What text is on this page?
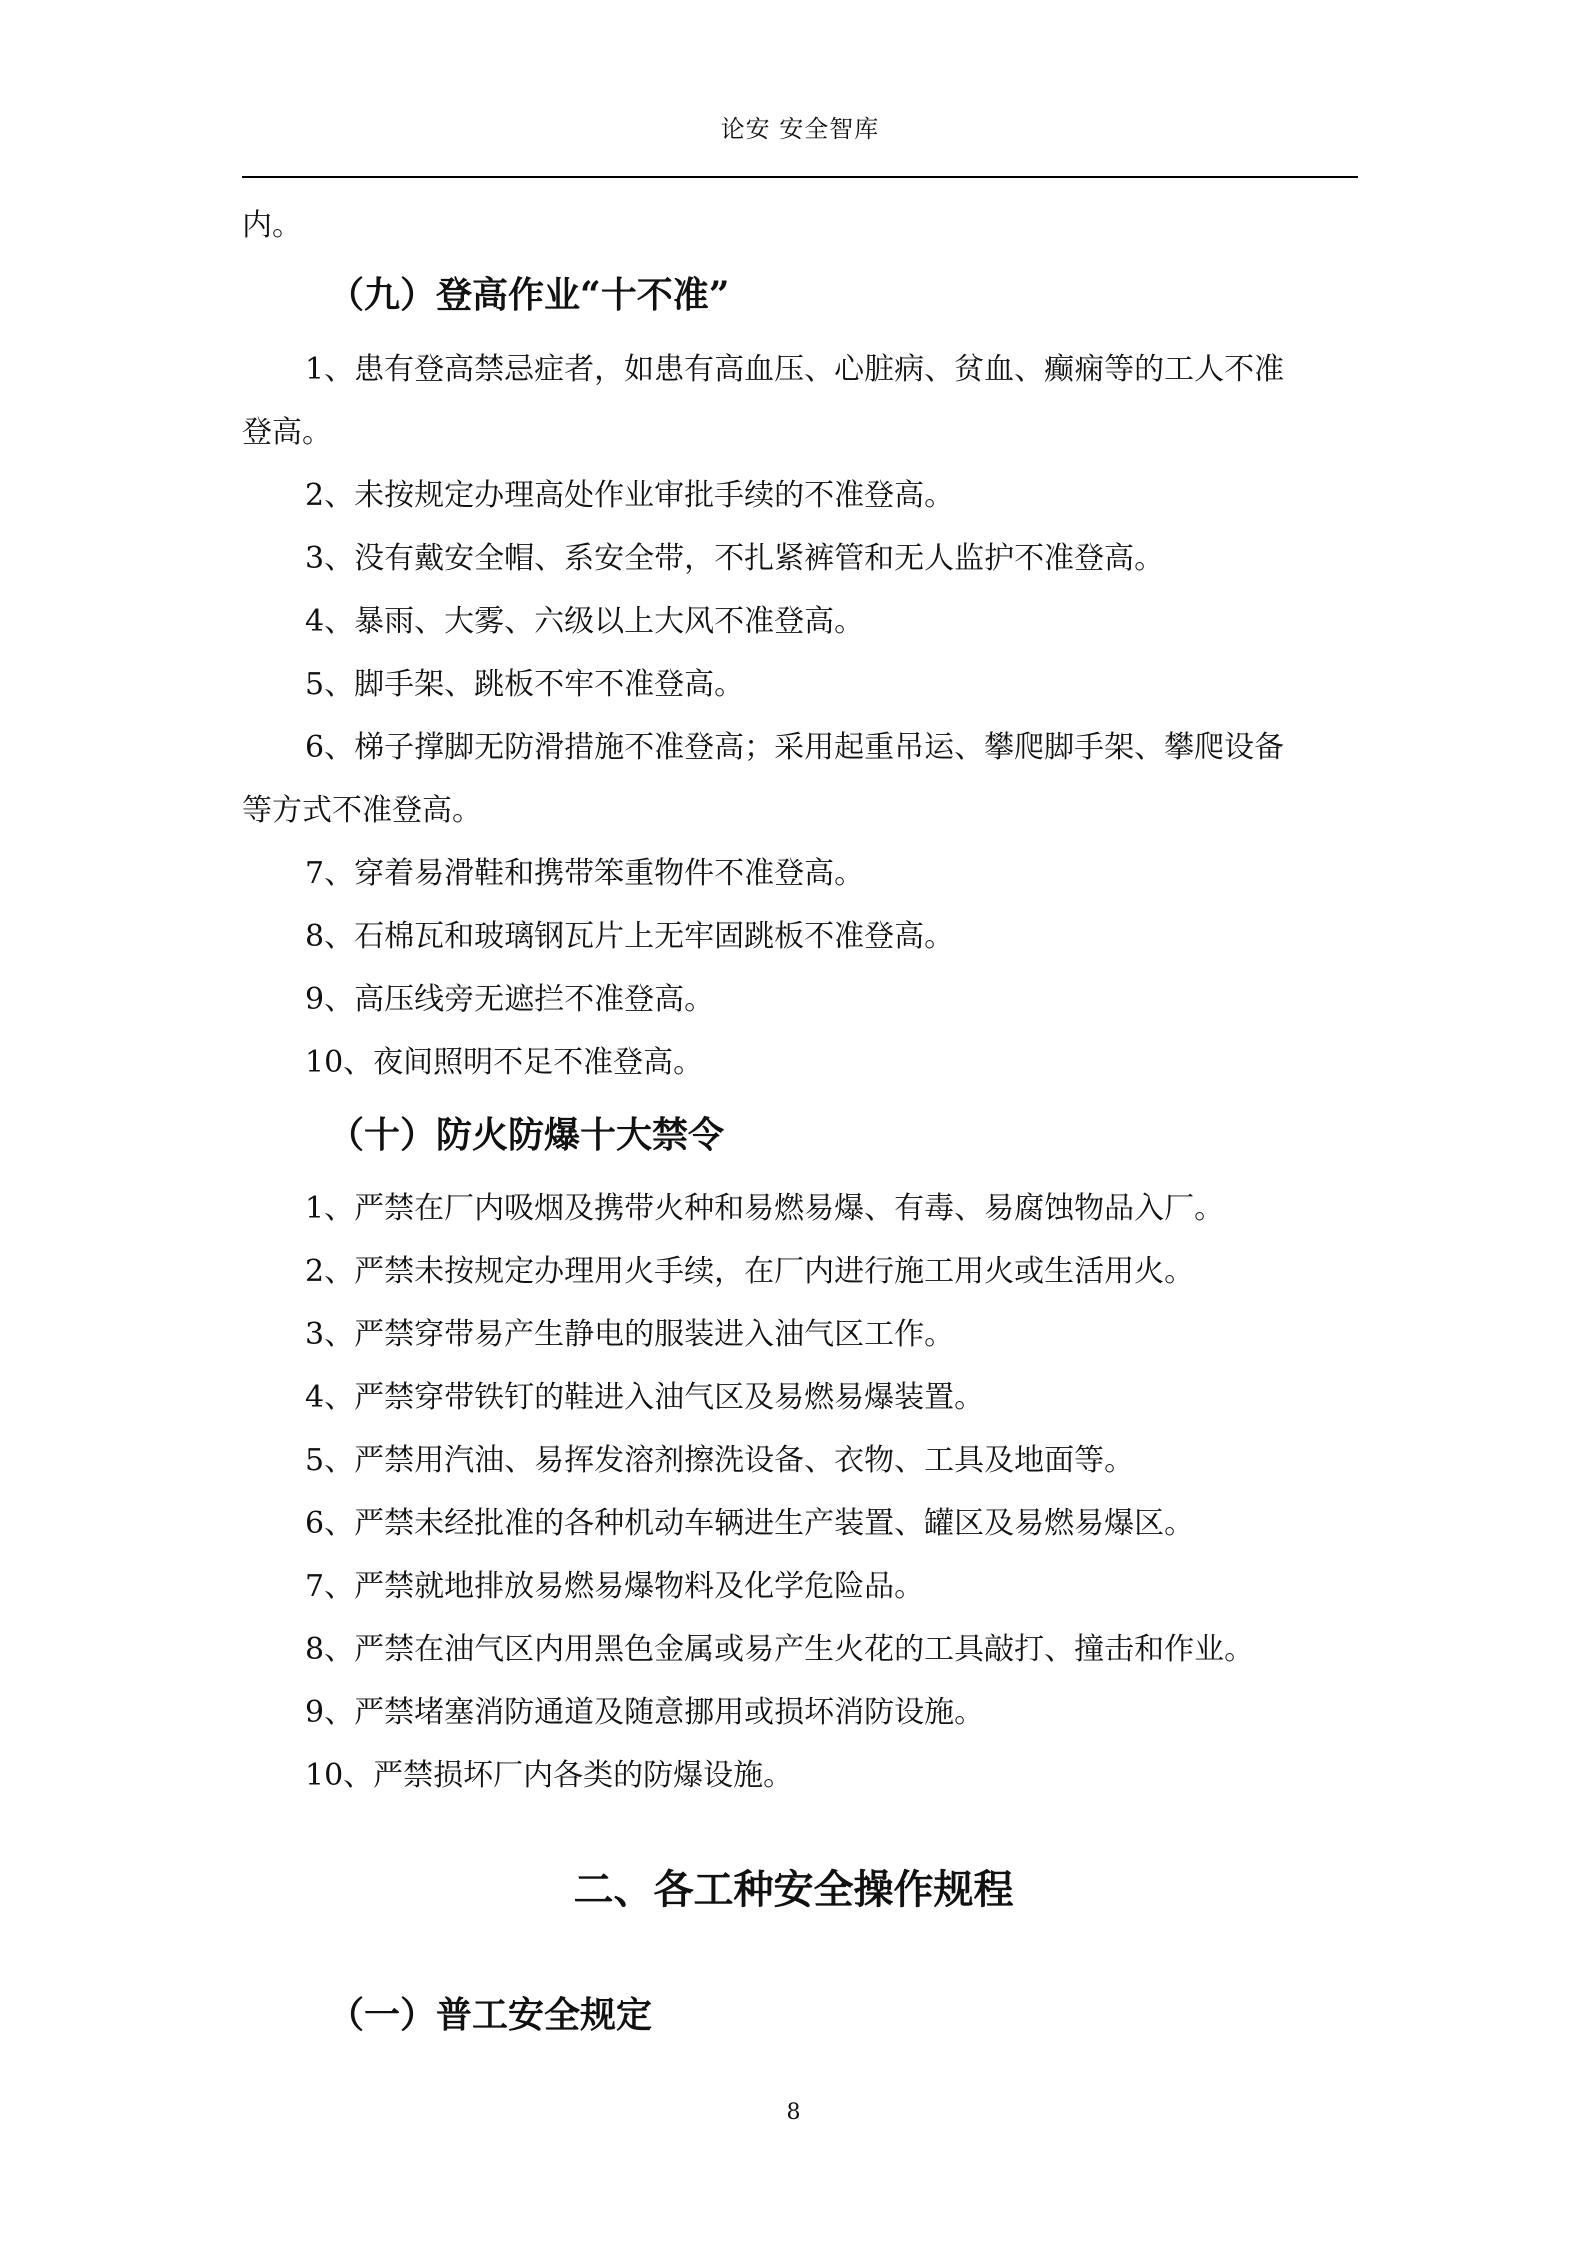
论安 安全智库
内。
（九）登高作业“十不准”
1、患有登高禁忌症者，如患有高血压、心脏病、贫血、癫痫等的工人不准
登高。
2、未按规定办理高处作业审批手续的不准登高。
3、没有戴安全帽、系安全带，不扎紧裤管和无人监护不准登高。
4、暴雨、大雾、六级以上大风不准登高。
5、脚手架、跳板不牢不准登高。
6、梯子撑脚无防滑措施不准登高；采用起重吊运、攀爬脚手架、攀爬设备
等方式不准登高。
7、穿着易滑鞋和携带笨重物件不准登高。
8、石棉瓦和玻璃钢瓦片上无牢固跳板不准登高。
9、高压线旁无遮拦不准登高。
10、夜间照明不足不准登高。
（十）防火防爆十大禁令
1、严禁在厂内吸烟及携带火种和易燃易爆、有毒、易腐蚀物品入厂。
2、严禁未按规定办理用火手续，在厂内进行施工用火或生活用火。
3、严禁穿带易产生静电的服装进入油气区工作。
4、严禁穿带铁钉的鞋进入油气区及易燃易爆装置。
5、严禁用汽油、易挥发溶剂擦洗设备、衣物、工具及地面等。
6、严禁未经批准的各种机动车辆进生产装置、罐区及易燃易爆区。
7、严禁就地排放易燃易爆物料及化学危险品。
8、严禁在油气区内用黑色金属或易产生火花的工具敲打、撞击和作业。
9、严禁堵塞消防通道及随意挪用或损坏消防设施。
10、严禁损坏厂内各类的防爆设施。
二、各工种安全操作规程
（一）普工安全规定
8
